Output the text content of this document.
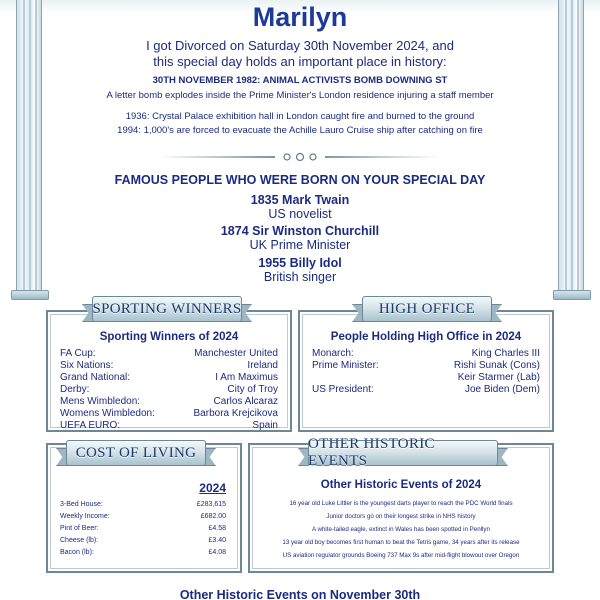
Marilyn
I got Divorced on Saturday 30th November 2024, and
this special day holds an important place in history:
30TH NOVEMBER 1982: ANIMAL ACTIVISTS BOMB DOWNING ST
A letter bomb explodes inside the Prime Minister's London residence injuring a staff member
1936: Crystal Palace exhibition hall in London caught fire and burned to the ground
1994: 1,000's are forced to evacuate the Achille Lauro Cruise ship after catching on fire
FAMOUS PEOPLE WHO WERE BORN ON YOUR SPECIAL DAY
1835 Mark Twain
US novelist
1874 Sir Winston Churchill
UK Prime Minister
1955 Billy Idol
British singer
Sporting Winners of 2024
FA Cup:	Manchester United
Six Nations:	Ireland
Grand National:	I Am Maximus
Derby:	City of Troy
Mens Wimbledon:	Carlos Alcaraz
Womens Wimbledon:	Barbora Krejcikova
UEFA EURO:	Spain
SPORTING WINNERS
People Holding High Office in 2024
Monarch:	King Charles III
Prime Minister:	Rishi Sunak (Cons)
Keir Starmer (Lab)
US President:	Joe Biden (Dem)
HIGH OFFICE
2024
3-Bed House:	£283,615
Weekly Income:	£682.00
Pint of Beer:	£4.58
Cheese (lb):	£3.40
Bacon (lb):	£4.08
COST OF LIVING
Other Historic Events of 2024
16 year old Luke Littler is the youngest darts player to reach the PDC World finals
Junior doctors go on their longest strike in NHS history
A white-tailed eagle, extinct in Wales has been spotted in Penllyn
13 year old boy becomes first human to beat the Tetris game, 34 years after its release
US aviation regulator grounds Boeing 737 Max 9s after mid-flight blowout over Oregon
OTHER HISTORIC EVENTS
Other Historic Events on November 30th
